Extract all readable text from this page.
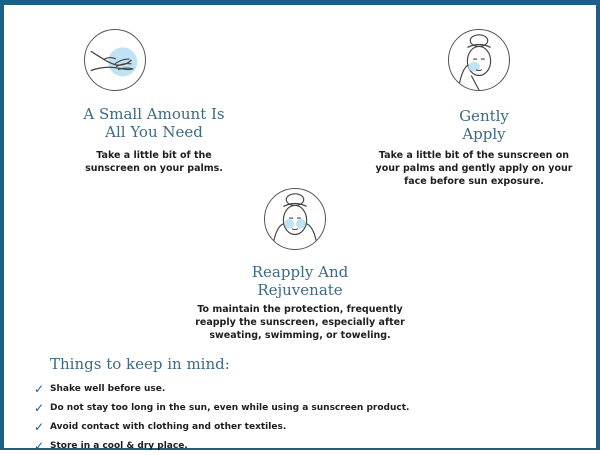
A Small Amount Is
All You Need

Take a little bit of the
sunscreen on your palms.

Gently
Apply

Take a little bit of the sunscreen on
your palms and gently apply on your
face before sun exposure.

Reapply And
Rejuvenate

To maintain the protection, frequently
reapply the sunscreen, especially after
sweating, swimming, or toweling.

Things to keep in mind:
✓ Shake well before use.
✓ Do not stay too long in the sun, even while using a sunscreen product.
✓ Avoid contact with clothing and other textiles.
✓ Store in a cool & dry place.
